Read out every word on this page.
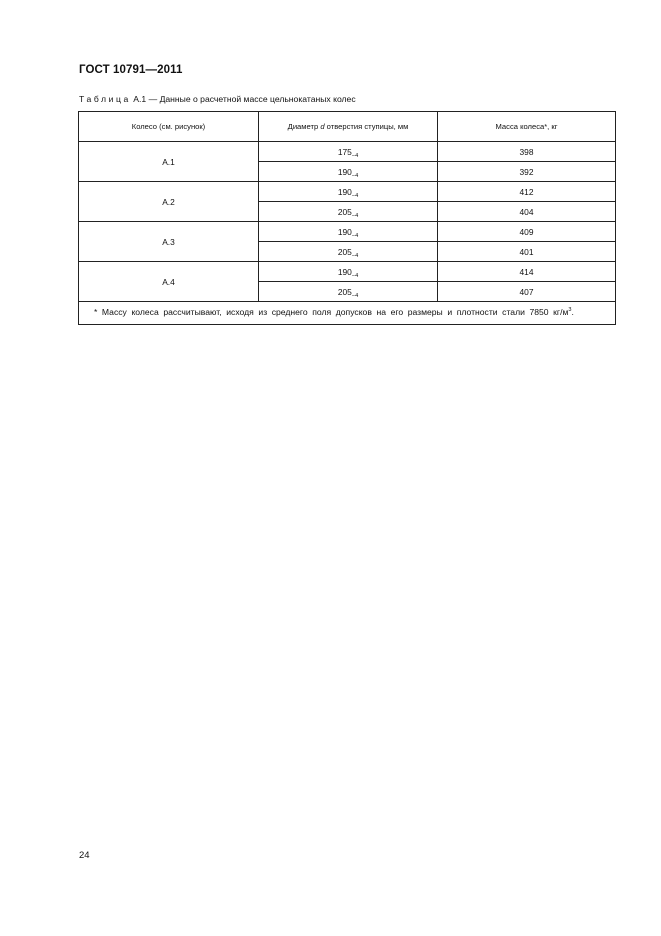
ГОСТ 10791—2011
Таблица А.1 — Данные о расчетной массе цельнокатаных колес
Колесо (см. рисунок)	Диаметр d отверстия ступицы, мм	Масса колеса*, кг
А.1	$175_{-4}$	398
	$190_{-4}$	392
А.2	$190_{-4}$	412
	$205_{-4}$	404
А.3	$190_{-4}$	409
	$205_{-4}$	401
А.4	$190_{-4}$	414
	$205_{-4}$	407
* Массу колеса рассчитывают, исходя из среднего поля допусков на его размеры и плотности стали 7850 $кг/м^3$.		
24
